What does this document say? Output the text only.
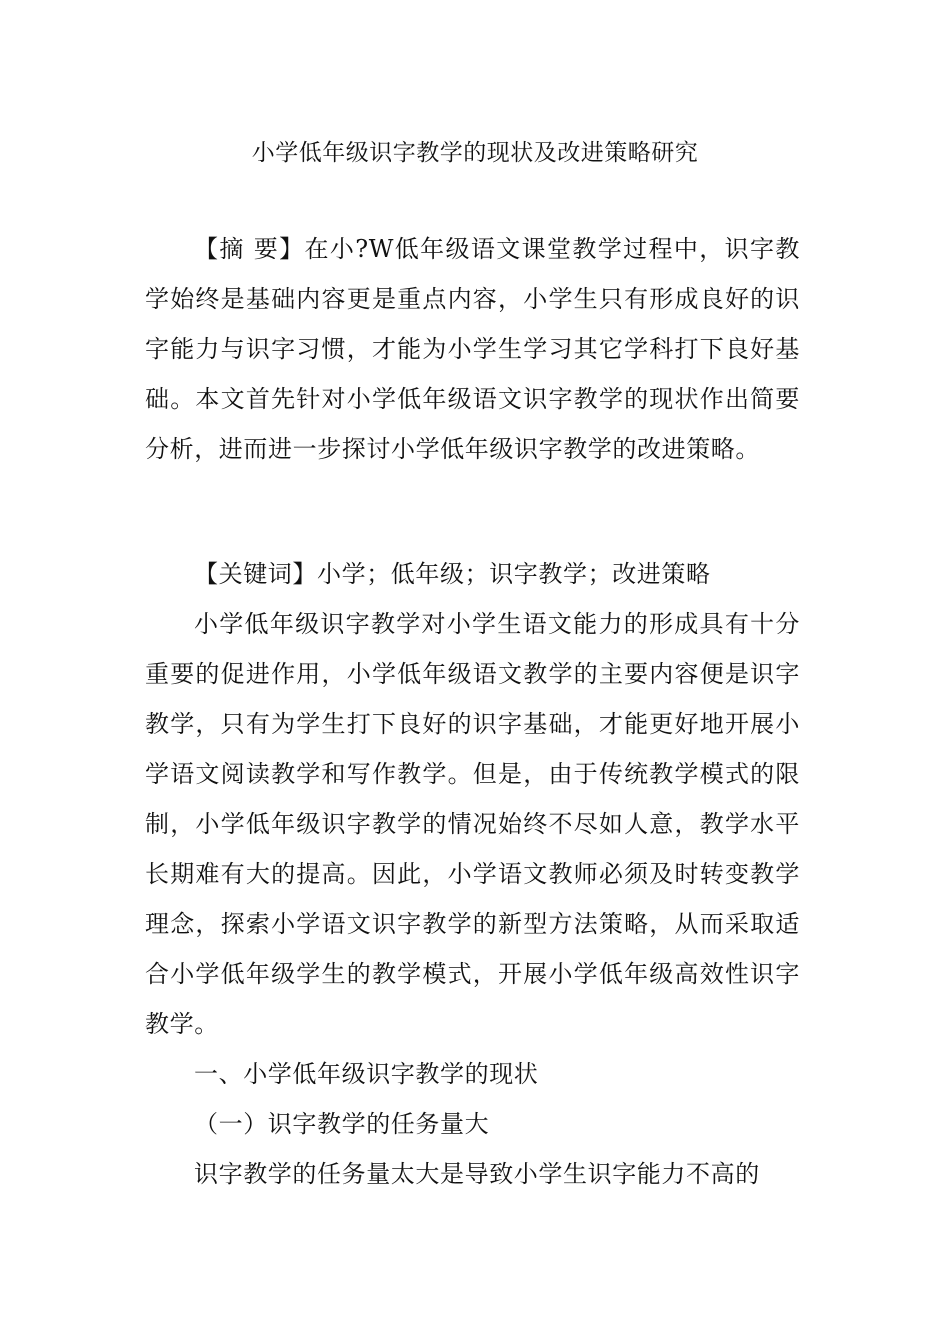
小学低年级识字教学的现状及改进策略研究
【摘 要】在小?W低年级语文课堂教学过程中，识字教学始终是基础内容更是重点内容，小学生只有形成良好的识字能力与识字习惯，才能为小学生学习其它学科打下良好基础。本文首先针对小学低年级语文识字教学的现状作出简要分析，进而进一步探讨小学低年级识字教学的改进策略。
【关键词】小学；低年级；识字教学；改进策略
小学低年级识字教学对小学生语文能力的形成具有十分重要的促进作用，小学低年级语文教学的主要内容便是识字教学，只有为学生打下良好的识字基础，才能更好地开展小学语文阅读教学和写作教学。但是，由于传统教学模式的限制，小学低年级识字教学的情况始终不尽如人意，教学水平长期难有大的提高。因此，小学语文教师必须及时转变教学理念，探索小学语文识字教学的新型方法策略，从而采取适合小学低年级学生的教学模式，开展小学低年级高效性识字教学。
一、小学低年级识字教学的现状
（一）识字教学的任务量大
识字教学的任务量太大是导致小学生识字能力不高的
